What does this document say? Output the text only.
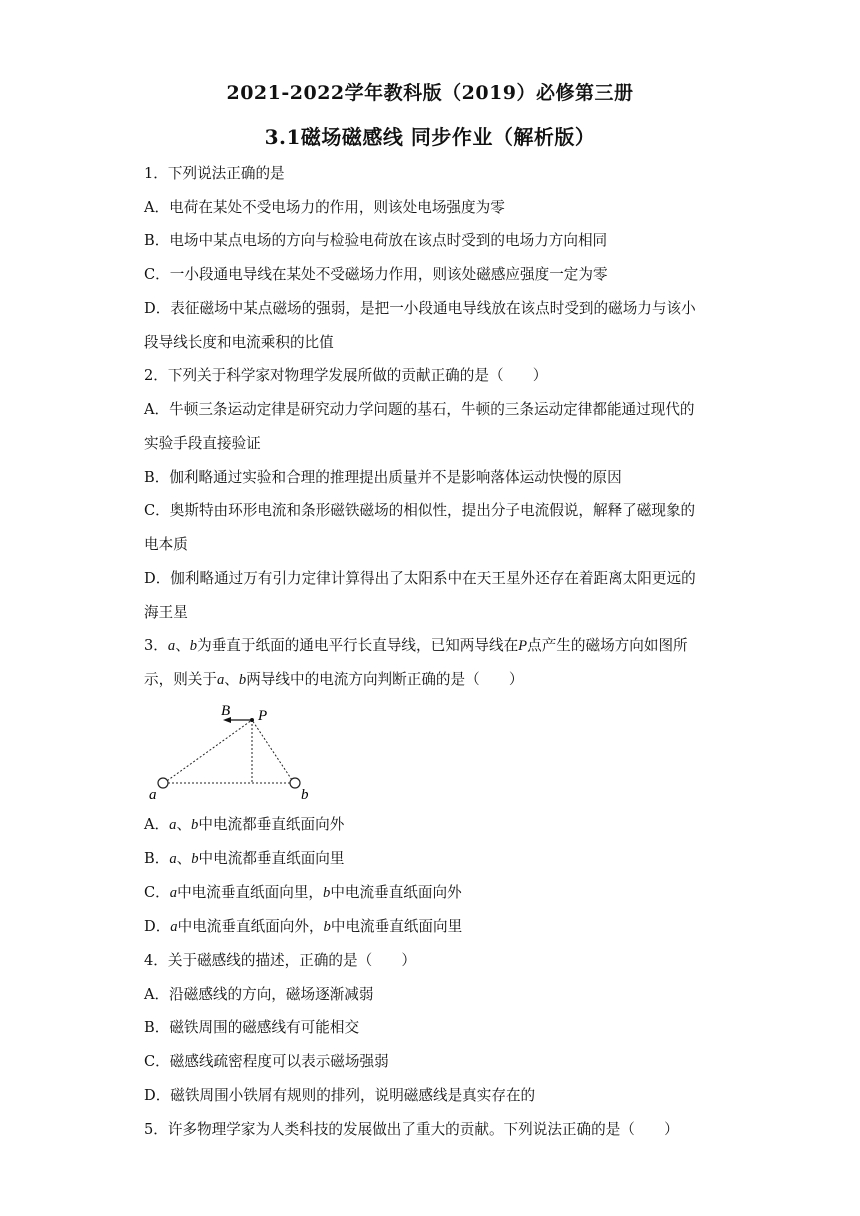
2021-2022学年教科版（2019）必修第三册
3.1磁场磁感线 同步作业（解析版）
1．下列说法正确的是
A．电荷在某处不受电场力的作用，则该处电场强度为零
B．电场中某点电场的方向与检验电荷放在该点时受到的电场力方向相同
C．一小段通电导线在某处不受磁场力作用，则该处磁感应强度一定为零
D．表征磁场中某点磁场的强弱，是把一小段通电导线放在该点时受到的磁场力与该小
段导线长度和电流乘积的比值
2．下列关于科学家对物理学发展所做的贡献正确的是（　　）
A．牛顿三条运动定律是研究动力学问题的基石，牛顿的三条运动定律都能通过现代的
实验手段直接验证
B．伽利略通过实验和合理的推理提出质量并不是影响落体运动快慢的原因
C．奥斯特由环形电流和条形磁铁磁场的相似性，提出分子电流假说，解释了磁现象的
电本质
D．伽利略通过万有引力定律计算得出了太阳系中在天王星外还存在着距离太阳更远的
海王星
3．a、b为垂直于纸面的通电平行长直导线，已知两导线在P点产生的磁场方向如图所
示，则关于a、b两导线中的电流方向判断正确的是（　　）
B P
a	b
A．a、b中电流都垂直纸面向外
B．a、b中电流都垂直纸面向里
C．a中电流垂直纸面向里，b中电流垂直纸面向外
D．a中电流垂直纸面向外，b中电流垂直纸面向里
4．关于磁感线的描述，正确的是（　　）
A．沿磁感线的方向，磁场逐渐减弱
B．磁铁周围的磁感线有可能相交
C．磁感线疏密程度可以表示磁场强弱
D．磁铁周围小铁屑有规则的排列，说明磁感线是真实存在的
5．许多物理学家为人类科技的发展做出了重大的贡献。下列说法正确的是（　　）
